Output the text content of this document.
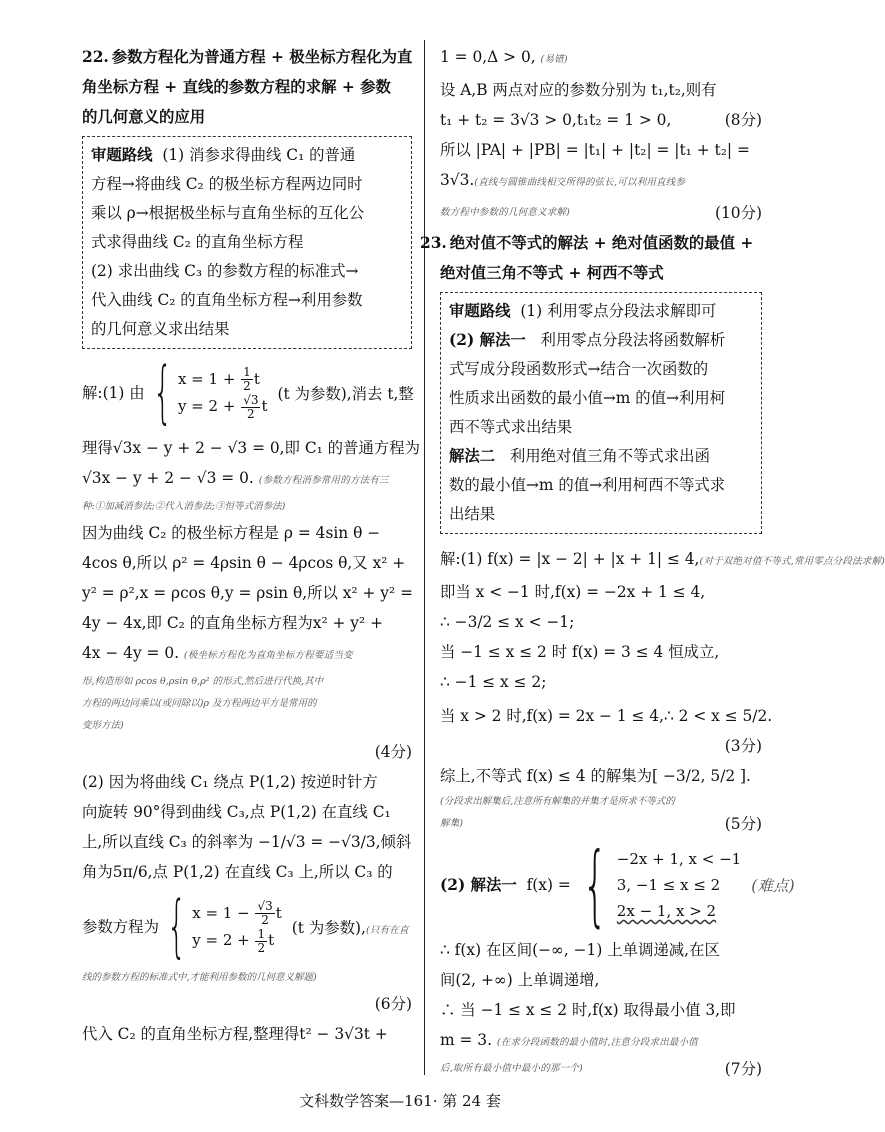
22. 参数方程化为普通方程 + 极坐标方程化为直
角坐标方程 + 直线的参数方程的求解 + 参数
的几何意义的应用
审题路线 (1) 消参求得曲线 C₁ 的普通
方程→将曲线 C₂ 的极坐标方程两边同时
乘以 ρ→根据极坐标与直角坐标的互化公
式求得曲线 C₂ 的直角坐标方程
(2) 求出曲线 C₃ 的参数方程的标准式→
代入曲线 C₂ 的直角坐标方程→利用参数
的几何意义求出结果
解:(1) 由 { $x = 1 + \frac{1}{2}$ t
$y = 2 + \frac{√3}{2}$ t
(t 为参数),消去 t,整
理得√3x − y + 2 − √3 = 0,即 C₁ 的普通方程为
√3x − y + 2 − √3 = 0. (参数方程消参常用的方法有三
种:①加减消参法;②代入消参法;③恒等式消参法)
因为曲线 C₂ 的极坐标方程是 ρ = 4sin θ −
4cos θ,所以 ρ² = 4ρsin θ − 4ρcos θ,又 x² +
y² = ρ²,x = ρcos θ,y = ρsin θ,所以 x² + y² =
4y − 4x,即 C₂ 的直角坐标方程为x² + y² +
4x − 4y = 0. (极坐标方程化为直角坐标方程要适当变
形,构造形如 ρcos θ,ρsin θ,ρ² 的形式,然后进行代换,其中
方程的两边同乘以(或同除以)ρ 及方程两边平方是常用的
变形方法)
(4分)
(2) 因为将曲线 C₁ 绕点 P(1,2) 按逆时针方
向旋转 90°得到曲线 C₃,点 P(1,2) 在直线 C₁
上,所以直线 C₃ 的斜率为 −1/√3 = −√3/3,倾斜
角为5π/6,点 P(1,2) 在直线 C₃ 上,所以 C₃ 的
参数方程为 { $x = 1 - \frac{√3}{2}$ t
$y = 2 + \frac{1}{2}$ t
(t 为参数),(只有在直
线的参数方程的标准式中,才能利用参数的几何意义解题)
(6分)
代入 C₂ 的直角坐标方程,整理得t² − 3√3t +
1 = 0,Δ > 0, (易错)
设 A,B 两点对应的参数分别为 t₁,t₂,则有
t₁ + t₂ = 3√3 > 0,t₁t₂ = 1 > 0,	(8分)
所以 |PA| + |PB| = |t₁| + |t₂| = |t₁ + t₂| =
3√3.(直线与圆锥曲线相交所得的弦长,可以利用直线参
数方程中参数的几何意义求解)	(10分)
23. 绝对值不等式的解法 + 绝对值函数的最值 +
绝对值三角不等式 + 柯西不等式
审题路线 (1) 利用零点分段法求解即可
(2) 解法一 利用零点分段法将函数解析
式写成分段函数形式→结合一次函数的
性质求出函数的最小值→m 的值→利用柯
西不等式求出结果
解法二 利用绝对值三角不等式求出函
数的最小值→m 的值→利用柯西不等式求
出结果
解:(1) f(x) = |x − 2| + |x + 1| ≤ 4,(对于双绝对值不等式,常用零点分段法求解)
即当 x < −1 时,f(x) = −2x + 1 ≤ 4,
∴ −3/2 ≤ x < −1;
当 −1 ≤ x ≤ 2 时 f(x) = 3 ≤ 4 恒成立,
∴ −1 ≤ x ≤ 2;
当 x > 2 时,f(x) = 2x − 1 ≤ 4,∴ 2 < x ≤ 5/2.
(3分)
综上,不等式 f(x) ≤ 4 的解集为[ −3/2, 5/2 ].
(分段求出解集后,注意所有解集的并集才是所求不等式的
解集)	(5分)
(2) 解法一 f(x) = { −2x + 1, x < −1
3, −1 ≤ x ≤ 2
2x − 1, x > 2
(难点)
∴ f(x) 在区间(−∞, −1) 上单调递减,在区
间(2, +∞) 上单调递增,
∴ 当 −1 ≤ x ≤ 2 时,f(x) 取得最小值 3,即
m = 3. (在求分段函数的最小值时,注意分段求出最小值
后,取所有最小值中最小的那一个)	(7分)
文科数学答案—161· 第 24 套
